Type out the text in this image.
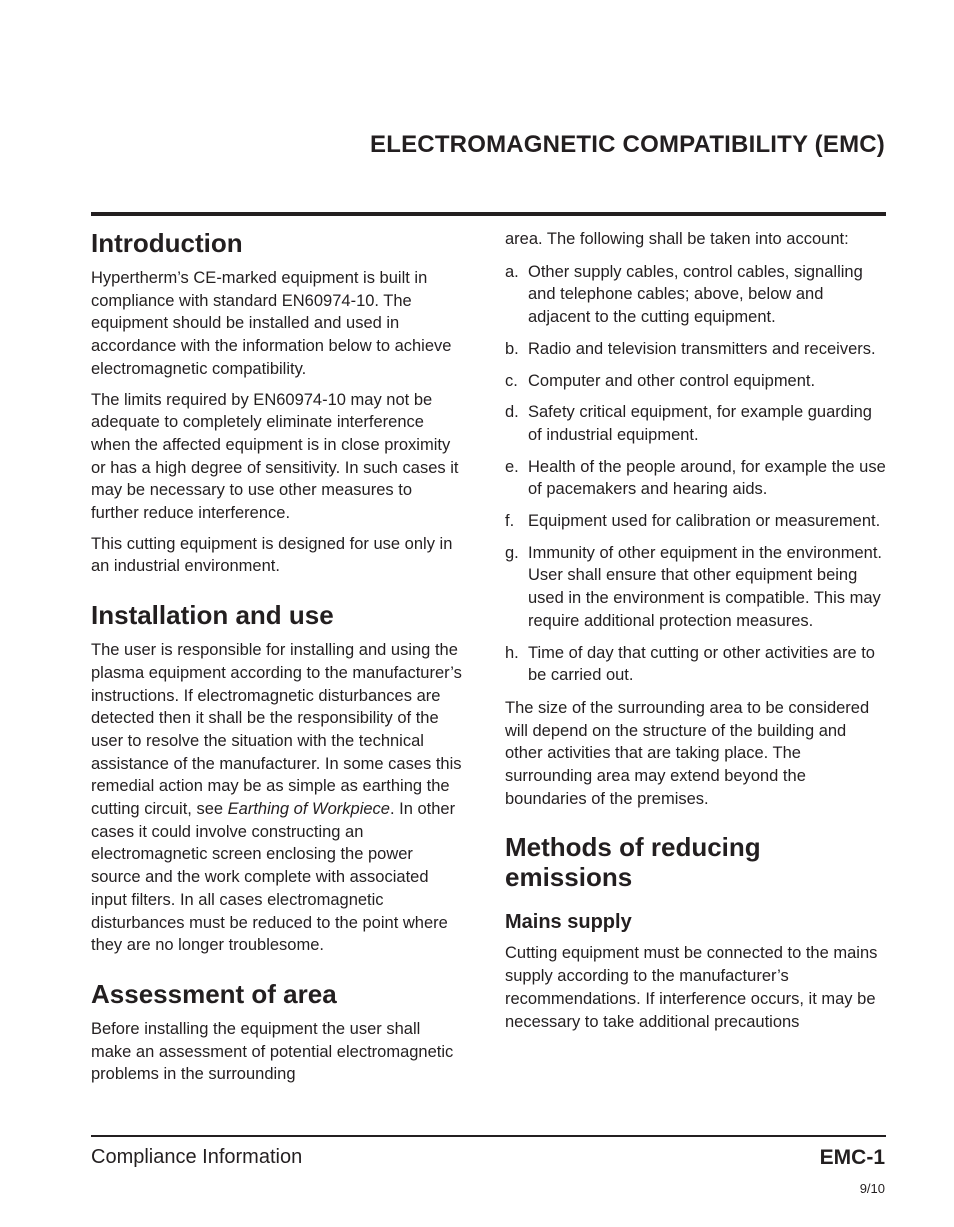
ELECTROMAGNETIC COMPATIBILITY (EMC)
Introduction

Hypertherm’s CE-marked equipment is built in compliance with standard EN60974-10. The equipment should be installed and used in accordance with the information below to achieve electromagnetic compatibility.

The limits required by EN60974-10 may not be adequate to completely eliminate interference when the affected equipment is in close proximity or has a high degree of sensitivity. In such cases it may be necessary to use other measures to further reduce interference.

This cutting equipment is designed for use only in an industrial environment.

Installation and use

The user is responsible for installing and using the plasma equipment according to the manufacturer’s instructions. If electromagnetic disturbances are detected then it shall be the responsibility of the user to resolve the situation with the technical assistance of the manufacturer. In some cases this remedial action may be as simple as earthing the cutting circuit, see Earthing of Workpiece. In other cases it could involve constructing an electromagnetic screen enclosing the power source and the work complete with associated input filters. In all cases electromagnetic disturbances must be reduced to the point where they are no longer troublesome.

Assessment of area

Before installing the equipment the user shall make an assessment of potential electromagnetic problems in the surrounding

area. The following shall be taken into account:

a. Other supply cables, control cables, signalling and telephone cables; above, below and adjacent to the cutting equipment.
b. Radio and television transmitters and receivers.
c. Computer and other control equipment.
d. Safety critical equipment, for example guarding of industrial equipment.
e. Health of the people around, for example the use of pacemakers and hearing aids.
f. Equipment used for calibration or measurement.
g. Immunity of other equipment in the environment. User shall ensure that other equipment being used in the environment is compatible. This may require additional protection measures.
h. Time of day that cutting or other activities are to be carried out.

The size of the surrounding area to be considered will depend on the structure of the building and other activities that are taking place. The surrounding area may extend beyond the boundaries of the premises.

Methods of reducing emissions
Mains supply

Cutting equipment must be connected to the mains supply according to the manufacturer’s recommendations. If interference occurs, it may be necessary to take additional precautions

Compliance Information	EMC-1
9/10
